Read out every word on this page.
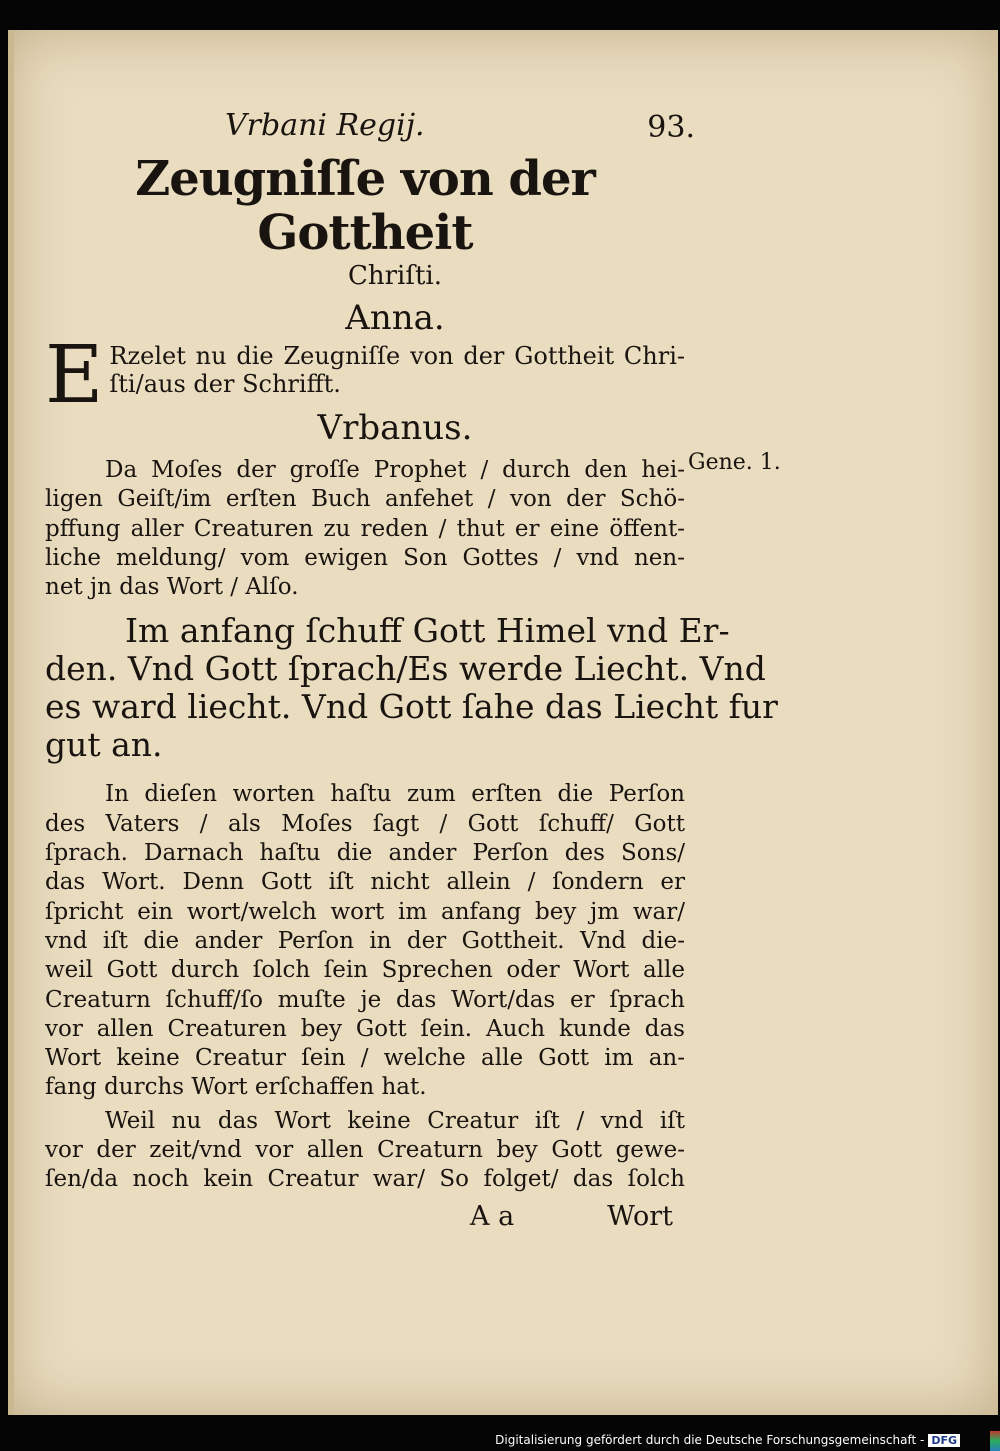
Vrbani Regij.	93.
Zeugniſſe von der Gottheit
Chriſti.
Anna.
E Rzelet nu die Zeugniſſe von der Gottheit Chri-
ſti/aus der Schrifft.
Vrbanus.
Da Moſes der groſſe Prophet / durch den hei-
ligen Geiſt/im erſten Buch anfehet / von der Schö-
pffung aller Creaturen zu reden / thut er eine öffent-
liche meldung/ vom ewigen Son Gottes / vnd nen-
net jn das Wort / Alſo.
Im anfang ſchuff Gott Himel vnd Er-
den. Vnd Gott ſprach/Es werde Liecht. Vnd
es ward liecht. Vnd Gott ſahe das Liecht fur
gut an.
In dieſen worten haſtu zum erſten die Perſon
des Vaters / als Moſes ſagt / Gott ſchuff/ Gott
ſprach. Darnach haſtu die ander Perſon des Sons/
das Wort. Denn Gott iſt nicht allein / ſondern er
ſpricht ein wort/welch wort im anfang bey jm war/
vnd iſt die ander Perſon in der Gottheit. Vnd die-
weil Gott durch ſolch ſein Sprechen oder Wort alle
Creaturn ſchuff/ſo muſte je das Wort/das er ſprach
vor allen Creaturen bey Gott ſein. Auch kunde das
Wort keine Creatur ſein / welche alle Gott im an-
fang durchs Wort erſchaffen hat.
Weil nu das Wort keine Creatur iſt / vnd iſt
vor der zeit/vnd vor allen Creaturn bey Gott gewe-
ſen/da noch kein Creatur war/ So folget/ das ſolch
A a	Wort
Gene. 1.
Digitalisierung gefördert durch die Deutsche Forschungsgemeinschaft - DFG
